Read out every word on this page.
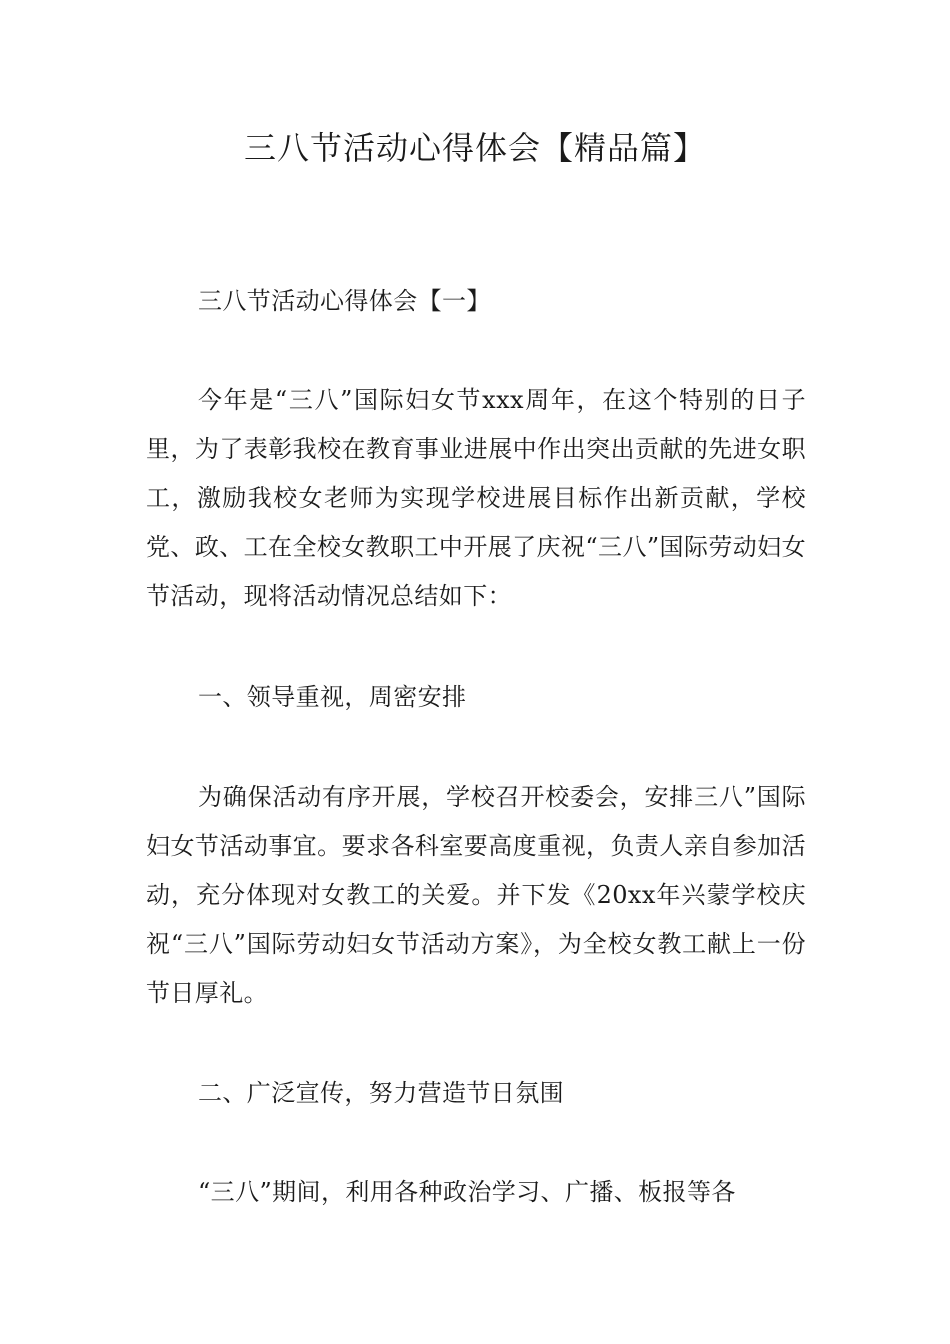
三八节活动心得体会【精品篇】

三八节活动心得体会【一】

今年是“三八”国际妇女节xxx周年，在这个特别的日子里，为了表彰我校在教育事业进展中作出突出贡献的先进女职工，激励我校女老师为实现学校进展目标作出新贡献，学校党、政、工在全校女教职工中开展了庆祝“三八”国际劳动妇女节活动，现将活动情况总结如下：

一、领导重视，周密安排

为确保活动有序开展，学校召开校委会，安排三八”国际妇女节活动事宜。要求各科室要高度重视，负责人亲自参加活动，充分体现对女教工的关爱。并下发《20xx年兴蒙学校庆祝“三八”国际劳动妇女节活动方案》，为全校女教工献上一份节日厚礼。

二、广泛宣传，努力营造节日氛围

“三八”期间，利用各种政治学习、广播、板报等各
